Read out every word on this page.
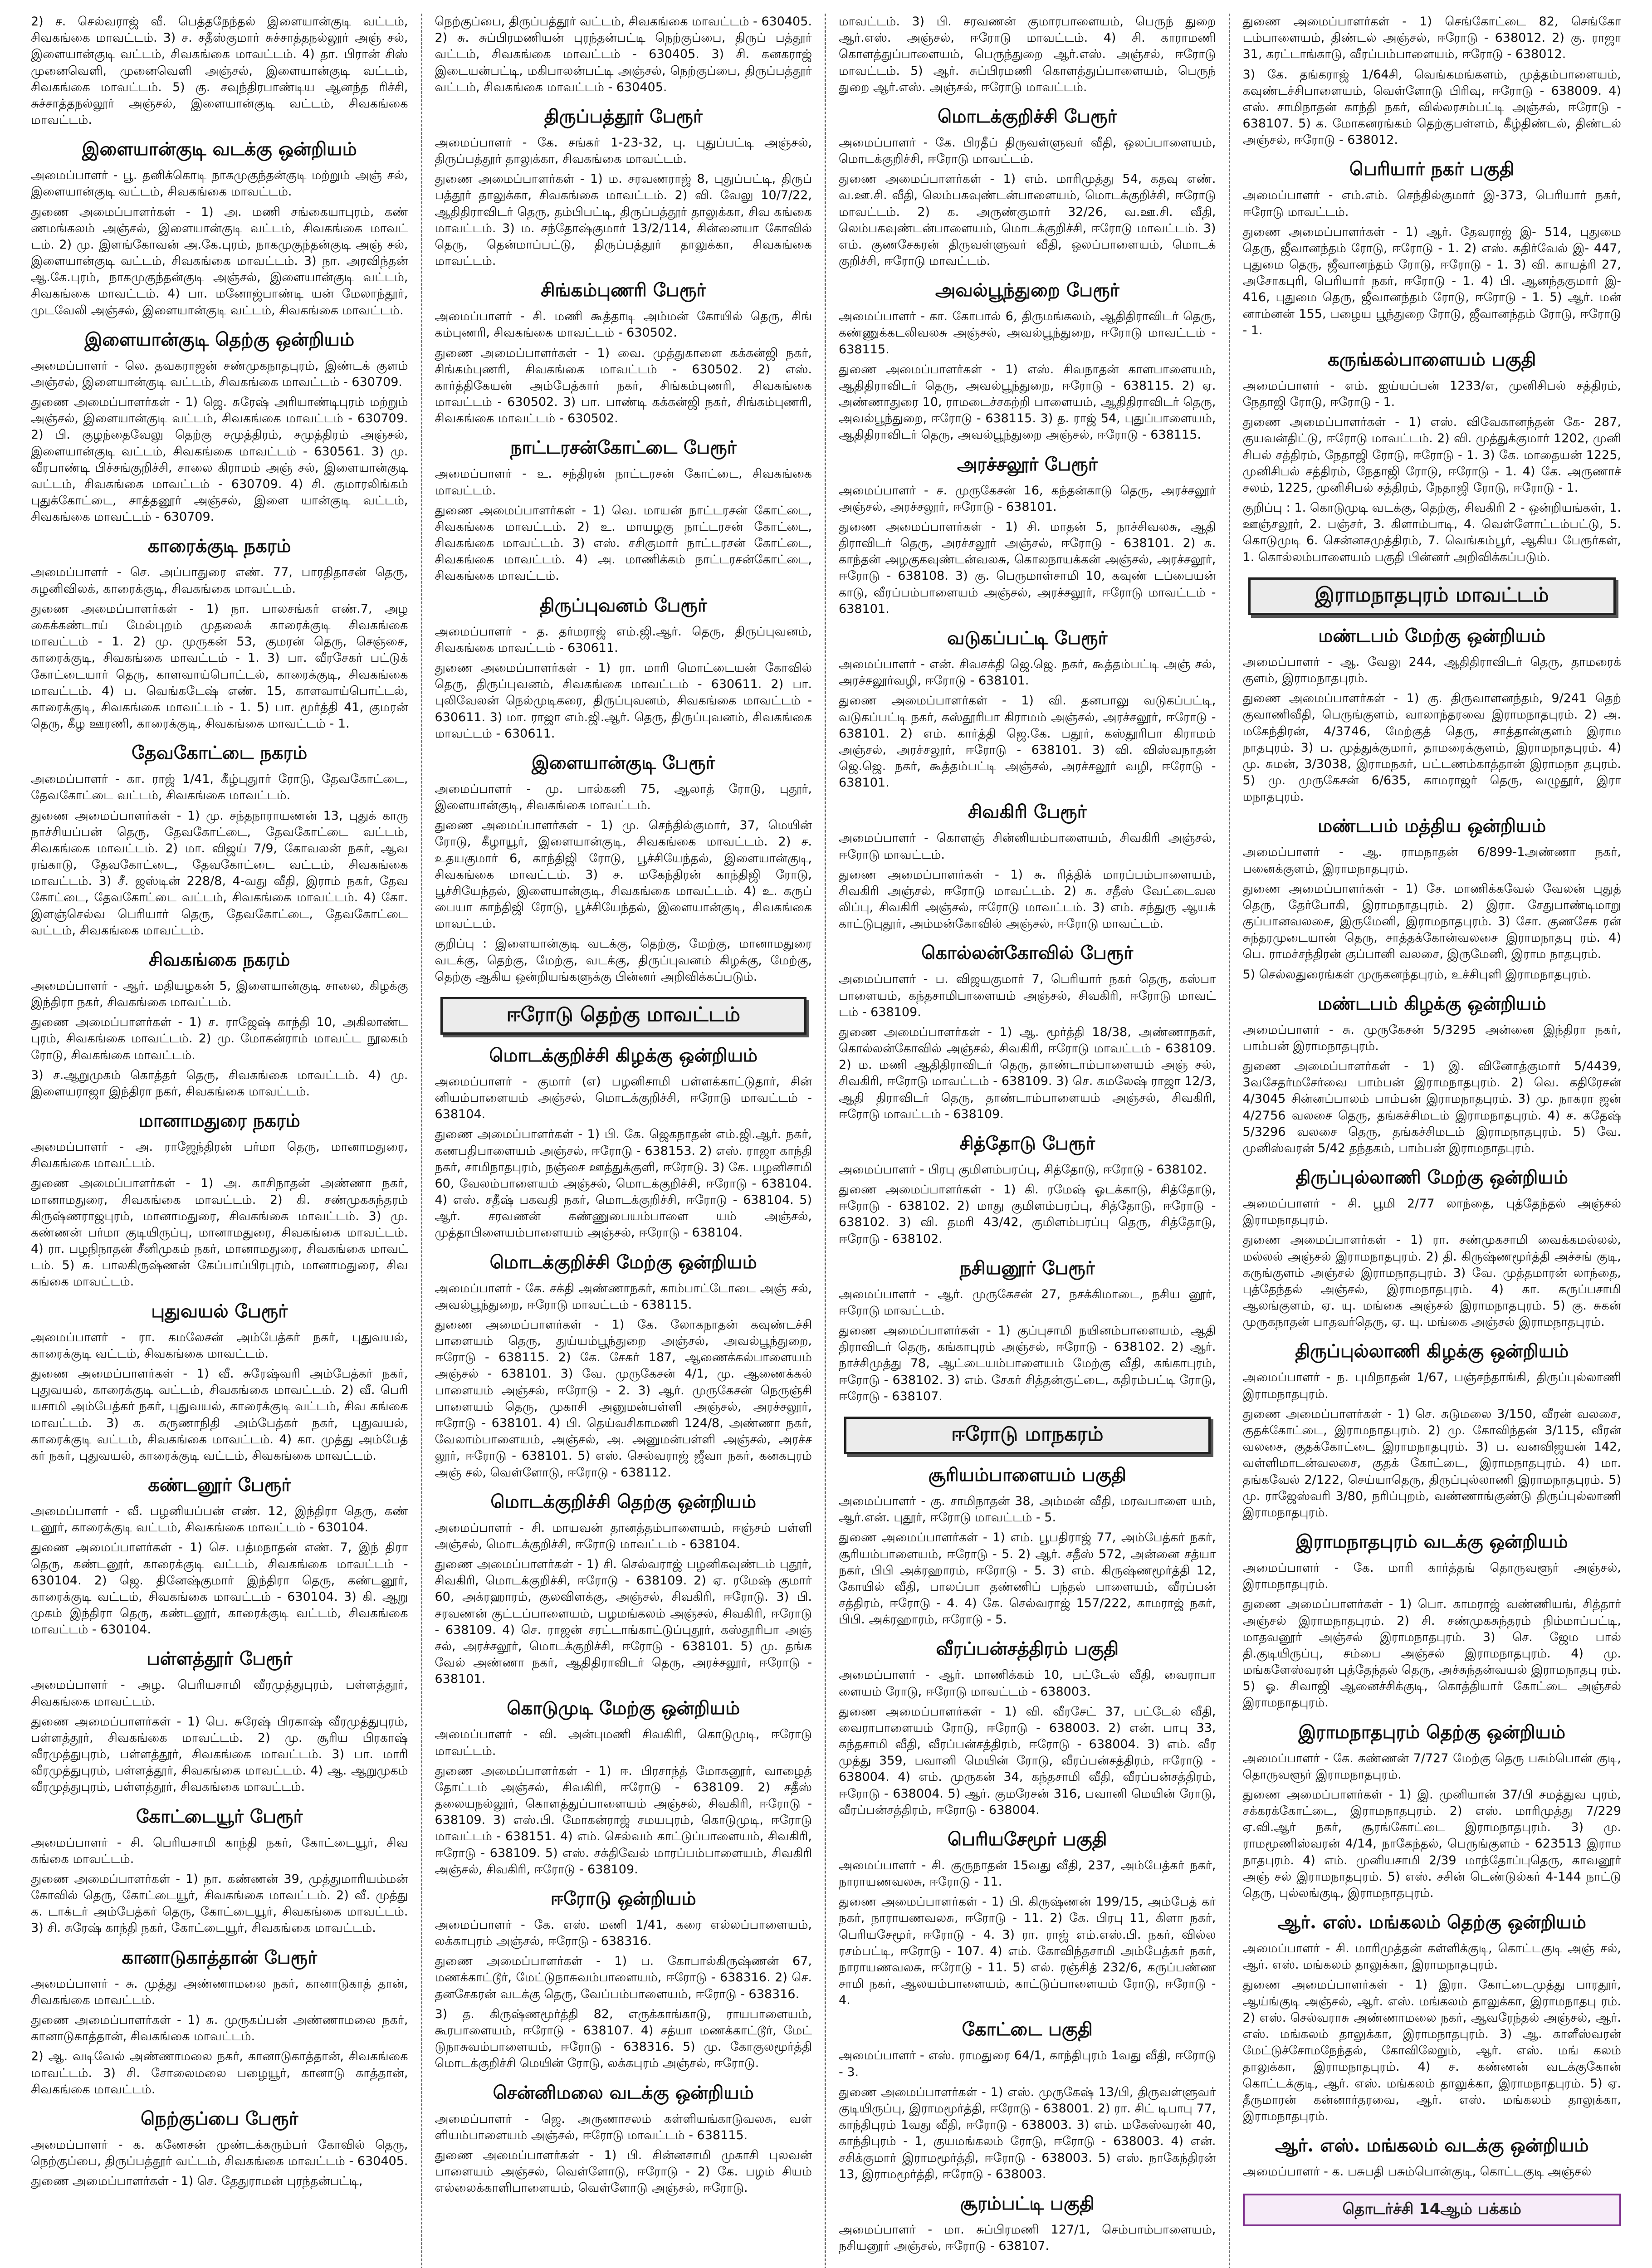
2) ச. செல்வராஜ் வீ. பெத்தநேந்தல் இளையான்குடி வட்டம், சிவகங்கை மாவட்டம். 3) ச. சதீஸ்குமார் சுச்சாத்தநல்லூர் அஞ் சல், இளையான்குடி வட்டம், சிவகங்கை மாவட்டம். 4) தா. பிரான் சிஸ் முனைவெளி, முனைவெளி அஞ்சல், இளையான்குடி வட்டம், சிவகங்கை மாவட்டம். 5) கு. சவுந்திரபாண்டிய ஆனந்த ரிச்சி, சுச்சாத்தநல்லூர் அஞ்சல், இளையான்குடி வட்டம், சிவகங்கை மாவட்டம்.
இளையான்குடி வடக்கு ஒன்றியம்
அமைப்பாளர் - பூ. தனிக்கொடி நாகமுகுந்தன்குடி மற்றும் அஞ் சல், இளையான்குடி வட்டம், சிவகங்கை மாவட்டம்.
துணை அமைப்பாளர்கள் - 1) அ. மணி சங்கையாபுரம், கண் ணமங்கலம் அஞ்சல், இளையான்குடி வட்டம், சிவகங்கை மாவட் டம். 2) மு. இளங்கோவன் அ.கே.புரம், நாகமுகுந்தன்குடி அஞ் சல், இளையான்குடி வட்டம், சிவகங்கை மாவட்டம். 3) நா. அரவிந்தன் ஆ.கே.புரம், நாகமுகுந்தன்குடி அஞ்சல், இளையான்குடி வட்டம், சிவகங்கை மாவட்டம். 4) பா. மனோஜ்பாண்டி யன் மேலாந்தூர், முடவேலி அஞ்சல், இளையான்குடி வட்டம், சிவகங்கை மாவட்டம்.
இளையான்குடி தெற்கு ஒன்றியம்
அமைப்பாளர் - லெ. தவகராஜன் சண்முகநாதபுரம், இண்டக் குளம் அஞ்சல், இளையான்குடி வட்டம், சிவகங்கை மாவட்டம் - 630709.
துணை அமைப்பாளர்கள் - 1) ஜெ. சுரேஷ் அரியாண்டிபுரம் மற்றும் அஞ்சல், இளையான்குடி வட்டம், சிவகங்கை மாவட்டம் - 630709. 2) பி. குழந்தைவேலு தெற்கு சமுத்திரம், சமுத்திரம் அஞ்சல், இளையான்குடி வட்டம், சிவகங்கை மாவட்டம் - 630561. 3) மு. வீரபாண்டி பிச்சங்குறிச்சி, சாலை கிராமம் அஞ் சல், இளையான்குடி வட்டம், சிவகங்கை மாவட்டம் - 630709. 4) சி. குமாரலிங்கம் புதுக்கோட்டை, சாத்தனூர் அஞ்சல், இளை யான்குடி வட்டம், சிவகங்கை மாவட்டம் - 630709.
காரைக்குடி நகரம்
அமைப்பாளர் - செ. அப்பாதுரை எண். 77, பாரதிதாசன் தெரு, சுழனிவிலக், காரைக்குடி, சிவகங்கை மாவட்டம்.
துணை அமைப்பாளர்கள் - 1) நா. பாலசங்கர் எண்.7, அழ கைக்கண்டாய் மேல்புறம் முதலைக் காரைக்குடி சிவகங்கை மாவட்டம் - 1. 2) மு. முருகன் 53, குமரன் தெரு, செஞ்சை, காரைக்குடி, சிவகங்கை மாவட்டம் - 1. 3) பா. வீரசேகர் பட்டுக் கோட்டையார் தெரு, காளவாய்பொட்டல், காரைக்குடி, சிவகங்கை மாவட்டம். 4) ப. வெங்கடேஷ் எண். 15, காளவாய்பொட்டல், காரைக்குடி, சிவகங்கை மாவட்டம் - 1. 5) பா. மூர்த்தி 41, குமரன் தெரு, கீழ ஊரணி, காரைக்குடி, சிவகங்கை மாவட்டம் - 1.
தேவகோட்டை நகரம்
அமைப்பாளர் - கா. ராஜ் 1/41, கீழ்புதுார் ரோடு, தேவகோட்டை, தேவகோட்டை வட்டம், சிவகங்கை மாவட்டம்.
துணை அமைப்பாளர்கள் - 1) மு. சந்தநாராயணன் 13, புதுக் காரு நாச்சியப்பன் தெரு, தேவகோட்டை, தேவகோட்டை வட்டம், சிவகங்கை மாவட்டம். 2) மா. விஜய் 7/9, கோவலன் நகர், ஆவ ரங்காடு, தேவகோட்டை, தேவகோட்டை வட்டம், சிவகங்கை மாவட்டம். 3) சீ. ஜஸ்டின் 228/8, 4-வது வீதி, இராம் நகர், தேவ கோட்டை, தேவகோட்டை வட்டம், சிவகங்கை மாவட்டம். 4) கோ. இளஞ்செல்வ பெரியார் தெரு, தேவகோட்டை, தேவகோட்டை வட்டம், சிவகங்கை மாவட்டம்.
சிவகங்கை நகரம்
அமைப்பாளர் - ஆர். மதியழகன் 5, இளையான்குடி சாலை, கிழக்கு இந்திரா நகர், சிவகங்கை மாவட்டம்.
துணை அமைப்பாளர்கள் - 1) ச. ராஜேஷ் காந்தி 10, அகிலாண்ட புரம், சிவகங்கை மாவட்டம். 2) மு. மோகன்ராம் மாவட்ட நூலகம் ரோடு, சிவகங்கை மாவட்டம்.
3) ச.ஆறுமுகம் கொத்தர் தெரு, சிவகங்கை மாவட்டம். 4) மு. இளையராஜா இந்திரா நகர், சிவகங்கை மாவட்டம்.
மானாமதுரை நகரம்
அமைப்பாளர் - அ. ராஜேந்திரன் பர்மா தெரு, மானாமதுரை, சிவகங்கை மாவட்டம்.
துணை அமைப்பாளர்கள் - 1) அ. காசிநாதன் அண்ணா நகர், மானாமதுரை, சிவகங்கை மாவட்டம். 2) கி. சண்முகசுந்தரம் கிருஷ்ணராஜபுரம், மானாமதுரை, சிவகங்கை மாவட்டம். 3) மு. கண்ணன் பர்மா குடியிருப்பு, மானாமதுரை, சிவகங்கை மாவட்டம். 4) ரா. பழநிநாதன் சீனிமுகம் நகர், மானாமதுரை, சிவகங்கை மாவட் டம். 5) சு. பாலகிருஷ்ணன் கேப்பாப்பிரபுரம், மானாமதுரை, சிவ கங்கை மாவட்டம்.
புதுவயல் பேரூர்
அமைப்பாளர் - ரா. கமலேசன் அம்பேத்கர் நகர், புதுவயல், காரைக்குடி வட்டம், சிவகங்கை மாவட்டம்.
துணை அமைப்பாளர்கள் - 1) வீ. சுரேஷ்வரி அம்பேத்கர் நகர், புதுவயல், காரைக்குடி வட்டம், சிவகங்கை மாவட்டம். 2) வீ. பெரி யசாமி அம்பேத்கர் நகர், புதுவயல், காரைக்குடி வட்டம், சிவ கங்கை மாவட்டம். 3) க. கருணாநிதி அம்பேத்கர் நகர், புதுவயல், காரைக்குடி வட்டம், சிவகங்கை மாவட்டம். 4) கா. முத்து அம்பேத் கர் நகர், புதுவயல், காரைக்குடி வட்டம், சிவகங்கை மாவட்டம்.
கண்டனூர் பேரூர்
அமைப்பாளர் - வீ. பழனியப்பன் எண். 12, இந்திரா தெரு, கண் டனூர், காரைக்குடி வட்டம், சிவகங்கை மாவட்டம் - 630104.
துணை அமைப்பாளர்கள் - 1) செ. பத்மநாதன் எண். 7, இந் திரா தெரு, கண்டனூர், காரைக்குடி வட்டம், சிவகங்கை மாவட்டம் - 630104. 2) ஜெ. தினேஷ்குமார் இந்திரா தெரு, கண்டனூர், காரைக்குடி வட்டம், சிவகங்கை மாவட்டம் - 630104. 3) கி. ஆறு முகம் இந்திரா தெரு, கண்டனூர், காரைக்குடி வட்டம், சிவகங்கை மாவட்டம் - 630104.
பள்ளத்தூர் பேரூர்
அமைப்பாளர் - அழ. பெரியசாமி வீரமுத்துபுரம், பள்ளத்தூர், சிவகங்கை மாவட்டம்.
துணை அமைப்பாளர்கள் - 1) பெ. சுரேஷ் பிரகாஷ் வீரமுத்துபுரம், பள்ளத்தூர், சிவகங்கை மாவட்டம். 2) மு. சூரிய பிரகாஷ் வீரமுத்துபுரம், பள்ளத்தூர், சிவகங்கை மாவட்டம். 3) பா. மாரி வீரமுத்துபுரம், பள்ளத்தூர், சிவகங்கை மாவட்டம். 4) ஆ. ஆறுமுகம் வீரமுத்துபுரம், பள்ளத்தூர், சிவகங்கை மாவட்டம்.
கோட்டையூர் பேரூர்
அமைப்பாளர் - சி. பெரியசாமி காந்தி நகர், கோட்டையூர், சிவ கங்கை மாவட்டம்.
துணை அமைப்பாளர்கள் - 1) நா. கண்ணன் 39, முத்துமாரியம்மன் கோவில் தெரு, கோட்டையூர், சிவகங்கை மாவட்டம். 2) வீ. முத்து க. டாக்டர் அம்பேத்கர் தெரு, கோட்டையூர், சிவகங்கை மாவட்டம். 3) சி. சுரேஷ் காந்தி நகர், கோட்டையூர், சிவகங்கை மாவட்டம்.
கானாடுகாத்தான் பேரூர்
அமைப்பாளர் - சு. முத்து அண்ணாமலை நகர், கானாடுகாத் தான், சிவகங்கை மாவட்டம்.
துணை அமைப்பாளர்கள் - 1) சு. முருகப்பன் அண்ணாமலை நகர், கானாடுகாத்தான், சிவகங்கை மாவட்டம்.
2) ஆ. வடிவேல் அண்ணாமலை நகர், கானாடுகாத்தான், சிவகங்கை மாவட்டம். 3) சி. சோலைமலை பழையூர், கானாடு காத்தான், சிவகங்கை மாவட்டம்.
நெற்குப்பை பேரூர்
அமைப்பாளர் - க. கணேசன் முண்டக்கரும்பர் கோவில் தெரு, நெற்குப்பை, திருப்பத்தூர் வட்டம், சிவகங்கை மாவட்டம் - 630405.
துணை அமைப்பாளர்கள் - 1) செ. தேதுராமன் புரந்தன்பட்டி,
நெற்குப்பை, திருப்பத்தூர் வட்டம், சிவகங்கை மாவட்டம் - 630405. 2) சு. சுப்பிரமணியன் புரந்தன்பட்டி நெற்குப்பை, திருப் பத்தூர் வட்டம், சிவகங்கை மாவட்டம் - 630405. 3) சி. கனகராஜ் இடையன்பட்டி, மகிபாலன்பட்டி அஞ்சல், நெற்குப்பை, திருப்பத்தூர் வட்டம், சிவகங்கை மாவட்டம் - 630405.
திருப்பத்தூர் பேரூர்
அமைப்பாளர் - கே. சங்கர் 1-23-32, பு. புதுப்பட்டி அஞ்சல், திருப்பத்தூர் தாலுக்கா, சிவகங்கை மாவட்டம்.
துணை அமைப்பாளர்கள் - 1) ம. சரவணராஜ் 8, புதுப்பட்டி, திருப் பத்தூர் தாலுக்கா, சிவகங்கை மாவட்டம். 2) வி. வேலு 10/7/22, ஆதிதிராவிடர் தெரு, தம்பிபட்டி, திருப்பத்தூர் தாலுக்கா, சிவ கங்கை மாவட்டம். 3) ம. சந்தோஷ்குமார் 13/2/114, சின்னையா கோவில் தெரு, தென்மாப்பட்டு, திருப்பத்தூர் தாலுக்கா, சிவகங்கை மாவட்டம்.
சிங்கம்புணரி பேரூர்
அமைப்பாளர் - சி. மணி கூத்தாடி அம்மன் கோயில் தெரு, சிங் கம்புணரி, சிவகங்கை மாவட்டம் - 630502.
துணை அமைப்பாளர்கள் - 1) வை. முத்துகாளை கக்கன்ஜி நகர், சிங்கம்புணரி, சிவகங்கை மாவட்டம் - 630502. 2) எஸ். கார்த்திகேயன் அம்பேத்கார் நகர், சிங்கம்புணரி, சிவகங்கை மாவட்டம் - 630502. 3) பா. பாண்டி கக்கன்ஜி நகர், சிங்கம்புணரி, சிவகங்கை மாவட்டம் - 630502.
நாட்டரசன்கோட்டை பேரூர்
அமைப்பாளர் - உ. சந்திரன் நாட்டரசன் கோட்டை, சிவகங்கை மாவட்டம்.
துணை அமைப்பாளர்கள் - 1) வெ. மாயன் நாட்டரசன் கோட்டை, சிவகங்கை மாவட்டம். 2) உ. மாயழகு நாட்டரசன் கோட்டை, சிவகங்கை மாவட்டம். 3) எஸ். சசிகுமார் நாட்டரசன் கோட்டை, சிவகங்கை மாவட்டம். 4) அ. மாணிக்கம் நாட்டரசன்கோட்டை, சிவகங்கை மாவட்டம்.
திருப்புவனம் பேரூர்
அமைப்பாளர் - த. தர்மராஜ் எம்.ஜி.ஆர். தெரு, திருப்புவனம், சிவகங்கை மாவட்டம் - 630611.
துணை அமைப்பாளர்கள் - 1) ரா. மாரி மொட்டையன் கோவில் தெரு, திருப்புவனம், சிவகங்கை மாவட்டம் - 630611. 2) பா. புலிவேலன் நெல்முடிகரை, திருப்புவனம், சிவகங்கை மாவட்டம் - 630611. 3) மா. ராஜா எம்.ஜி.ஆர். தெரு, திருப்புவனம், சிவகங்கை மாவட்டம் - 630611.
இளையான்குடி பேரூர்
அமைப்பாளர் - மு. பால்கனி 75, ஆலாத் ரோடு, புதூர், இளையான்குடி, சிவகங்கை மாவட்டம்.
துணை அமைப்பாளர்கள் - 1) மு. செந்தில்குமார், 37, மெயின் ரோடு, கீழாயூர், இளையான்குடி, சிவகங்கை மாவட்டம். 2) ச. உதயகுமார் 6, காந்திஜி ரோடு, பூச்சியேந்தல், இளையான்குடி, சிவகங்கை மாவட்டம். 3) ச. மகேந்திரன் காந்திஜி ரோடு, பூச்சியேந்தல், இளையான்குடி, சிவகங்கை மாவட்டம். 4) உ. கருப் பையா காந்திஜி ரோடு, பூச்சியேந்தல், இளையான்குடி, சிவகங்கை மாவட்டம்.
குறிப்பு : இளையான்குடி வடக்கு, தெற்கு, மேற்கு, மானாமதுரை வடக்கு, தெற்கு, மேற்கு, வடக்கு, திருப்புவனம் கிழக்கு, மேற்கு, தெற்கு ஆகிய ஒன்றியங்களுக்கு பின்னர் அறிவிக்கப்படும்.
ஈரோடு தெற்கு மாவட்டம்
மொடக்குறிச்சி கிழக்கு ஒன்றியம்
அமைப்பாளர் - குமார் (எ) பழனிசாமி பள்ளக்காட்டுதார், சின் னியம்பாளையம் அஞ்சல், மொடக்குறிச்சி, ஈரோடு மாவட்டம் - 638104.
துணை அமைப்பாளர்கள் - 1) பி. கே. ஜெகநாதன் எம்.ஜி.ஆர். நகர், கணபதிபாளையம் அஞ்சல், ஈரோடு - 638153. 2) எஸ். ராஜா காந்தி நகர், சாமிநாதபுரம், நஞ்சை ஊத்துக்குளி, ஈரோடு. 3) கே. பழனிசாமி 60, வேலம்பாளையம் அஞ்சல், மொடக்குறிச்சி, ஈரோடு - 638104. 4) எஸ். சதீஷ் பகவதி நகர், மொடக்குறிச்சி, ஈரோடு - 638104. 5) ஆர். சரவணன் கண்ணுபையம்பாளை யம் அஞ்சல், முத்தாபிளையம்பாளையம் அஞ்சல், ஈரோடு - 638104.
மொடக்குறிச்சி மேற்கு ஒன்றியம்
அமைப்பாளர் - கே. சக்தி அண்ணாநகர், காம்பாட்டோடை அஞ் சல், அவல்பூந்துறை, ஈரோடு மாவட்டம் - 638115.
துணை அமைப்பாளர்கள் - 1) கே. லோகநாதன் கவுண்டச்சி பாளையம் தெரு, துய்யம்பூந்துறை அஞ்சல், அவல்பூந்துறை, ஈரோடு - 638115. 2) கே. சேகர் 187, ஆணைக்கல்பாளையம் அஞ்சல் - 638101. 3) வே. முருகேசன் 4/1, மு. ஆணைக்கல் பாளையம் அஞ்சல், ஈரோடு - 2. 3) ஆர். முருகேசன் நெருஞ்சி பாளையம் தெரு, முகாசி அனுமன்பள்ளி அஞ்சல், அரச்சலூர், ஈரோடு - 638101. 4) பி. தெய்வசிகாமணி 124/8, அண்ணா நகர், வேலாம்பாளையம், அஞ்சல், அ. அனுமன்பள்ளி அஞ்சல், அரச்ச லூர், ஈரோடு - 638101. 5) எஸ். செல்வராஜ் ஜீவா நகர், கனகபுரம் அஞ் சல், வெள்ளோடு, ஈரோடு - 638112.
மொடக்குறிச்சி தெற்கு ஒன்றியம்
அமைப்பாளர் - சி. மாயவன் தானத்தம்பாளையம், ஈஞ்சம் பள்ளி அஞ்சல், மொடக்குறிச்சி, ஈரோடு மாவட்டம் - 638104.
துணை அமைப்பாளர்கள் - 1) சி. செல்வராஜ் பழனிகவுண்டம் புதூர், சிவகிரி, மொடக்குறிச்சி, ஈரோடு - 638109. 2) ஏ. ரமேஷ் குமார் 60, அக்ரஹாரம், குலவிளக்கு, அஞ்சல், சிவகிரி, ஈரோடு. 3) பி. சரவணன் குட்டப்பாளையம், பழமங்கலம் அஞ்சல், சிவகிரி, ஈரோடு - 638109. 4) செ. ராஜன் சரட்டாங்காட்டுப்புதூர், கஸ்தூரிபா அஞ் சல், அரச்சலூர், மொடக்குறிச்சி, ஈரோடு - 638101. 5) மு. தங்க வேல் அண்ணா நகர், ஆதிதிராவிடர் தெரு, அரச்சலூர், ஈரோடு - 638101.
கொடுமுடி மேற்கு ஒன்றியம்
அமைப்பாளர் - வி. அன்புமணி சிவகிரி, கொடுமுடி, ஈரோடு மாவட்டம்.
துணை அமைப்பாளர்கள் - 1) ஈ. பிரசாந்த் மோகனூர், வாழைத் தோட்டம் அஞ்சல், சிவகிரி, ஈரோடு - 638109. 2) சதீஸ் தலையநல்லூர், கொளத்துப்பாளையம் அஞ்சல், சிவகிரி, ஈரோடு - 638109. 3) எஸ்.பி. மோகன்ராஜ் சமயபுரம், கொடுமுடி, ஈரோடு மாவட்டம் - 638151. 4) எம். செல்வம் காட்டுப்பாளையம், சிவகிரி, ஈரோடு - 638109. 5) எஸ். சக்திவேல் மாரப்பம்பாளையம், சிவகிரி அஞ்சல், சிவகிரி, ஈரோடு - 638109.
ஈரோடு ஒன்றியம்
அமைப்பாளர் - கே. எஸ். மணி 1/41, கரை எல்லப்பாளையம், லக்காபுரம் அஞ்சல், ஈரோடு - 638316.
துணை அமைப்பாளர்கள் - 1) ப. கோபால்கிருஷ்ணன் 67, மணக்காட்டூர், மேட்டுநாசுவம்பாளையம், ஈரோடு - 638316. 2) செ. தனசேகரன் வடக்கு தெரு, வேப்பம்பாளையம், ஈரோடு - 638316.
3) த. கிருஷ்ணமூர்த்தி 82, எருக்காங்காடு, ராயபாளையம், கூரபாளையம், ஈரோடு - 638107. 4) சத்யா மணக்காட்டூர், மேட் டுநாசுவம்பாளையம், ஈரோடு - 638316. 5) மு. கோகுலமூர்த்தி மொடக்குறிச்சி மெயின் ரோடு, லக்கபுரம் அஞ்சல், ஈரோடு.
சென்னிமலை வடக்கு ஒன்றியம்
அமைப்பாளர் - ஜெ. அருணாசலம் கள்ளியங்காடுவலசு, வள் ளியம்பாளையம் அஞ்சல், ஈரோடு மாவட்டம் - 638115.
துணை அமைப்பாளர்கள் - 1) பி. சின்னசாமி முகாசி புலவன் பாளையம் அஞ்சல், வெள்ளோடு, ஈரோடு - 2) கே. பழம் சியம் எல்லைக்காளிபாளையம், வெள்ளோடு அஞ்சல், ஈரோடு.
மாவட்டம். 3) பி. சரவணன் குமாரபாளையம், பெருந் துறை ஆர்.எஸ். அஞ்சல், ஈரோடு மாவட்டம். 4) சி. காராமணி கொளத்துப்பாளையம், பெருந்துறை ஆர்.எஸ். அஞ்சல், ஈரோடு மாவட்டம். 5) ஆர். சுப்பிரமணி கொளத்துப்பாளையம், பெருந் துறை ஆர்.எஸ். அஞ்சல், ஈரோடு மாவட்டம்.
மொடக்குறிச்சி பேரூர்
அமைப்பாளர் - கே. பிரதீப் திருவள்ளுவர் வீதி, ஒலப்பாளையம், மொடக்குறிச்சி, ஈரோடு மாவட்டம்.
துணை அமைப்பாளர்கள் - 1) எம். மாரிமுத்து 54, கதவு எண். வ.ஊ.சி. வீதி, லெம்பகவுண்டன்பாளையம், மொடக்குறிச்சி, ஈரோடு மாவட்டம். 2) க. அருண்குமார் 32/26, வ.ஊ.சி. வீதி, லெம்பகவுண்டன்பாளையம், மொடக்குறிச்சி, ஈரோடு மாவட்டம். 3) எம். குணசேகரன் திருவள்ளுவர் வீதி, ஒலப்பாளையம், மொடக் குறிச்சி, ஈரோடு மாவட்டம்.
அவல்பூந்துறை பேரூர்
அமைப்பாளர் - கா. கோபால் 6, திருமங்கலம், ஆதிதிராவிடர் தெரு, கண்ணுக்கடலிவலசு அஞ்சல், அவல்பூந்துறை, ஈரோடு மாவட்டம் - 638115.
துணை அமைப்பாளர்கள் - 1) எஸ். சிவநாதன் காளபாளையம், ஆதிதிராவிடர் தெரு, அவல்பூந்துறை, ஈரோடு - 638115. 2) ஏ. அண்ணாதுரை 10, ராமடைச்சகற்றி பாளையம், ஆதிதிராவிடர் தெரு, அவல்பூந்துறை, ஈரோடு - 638115. 3) த. ராஜ் 54, புதுப்பாளையம், ஆதிதிராவிடர் தெரு, அவல்பூந்துறை அஞ்சல், ஈரோடு - 638115.
அரச்சலூர் பேரூர்
அமைப்பாளர் - ச. முருகேசன் 16, கந்தன்காடு தெரு, அரச்சலூர் அஞ்சல், அரச்சலூர், ஈரோடு - 638101.
துணை அமைப்பாளர்கள் - 1) சி. மாதன் 5, நாச்சிவலசு, ஆதி திராவிடர் தெரு, அரச்சலூர் அஞ்சல், ஈரோடு - 638101. 2) சு. காந்தன் அழகுகவுண்டன்வலசு, கொலநாயக்கன் அஞ்சல், அரச்சலூர், ஈரோடு - 638108. 3) கு. பெருமாள்சாமி 10, கவுண் டப்பையன் காடு, வீரப்பம்பாளையம் அஞ்சல், அரச்சலூர், ஈரோடு மாவட்டம் - 638101.
வடுகப்பட்டி பேரூர்
அமைப்பாளர் - என். சிவசக்தி ஜெ.ஜெ. நகர், கூத்தம்பட்டி அஞ் சல், அரச்சலூர்வழி, ஈரோடு - 638101.
துணை அமைப்பாளர்கள் - 1) வி. தனபாலு வடுகப்பட்டி, வடுகப்பட்டி நகர், கஸ்தூரிபா கிராமம் அஞ்சல், அரச்சலூர், ஈரோடு - 638101. 2) எம். கார்த்தி ஜெ.கே. பதூர், கஸ்தூரிபா கிராமம் அஞ்சல், அரச்சலூர், ஈரோடு - 638101. 3) வி. விஸ்வநாதன் ஜெ.ஜெ. நகர், கூத்தம்பட்டி அஞ்சல், அரச்சலூர் வழி, ஈரோடு - 638101.
சிவகிரி பேரூர்
அமைப்பாளர் - கொளஞ் சின்னியம்பாளையம், சிவகிரி அஞ்சல், ஈரோடு மாவட்டம்.
துணை அமைப்பாளர்கள் - 1) சு. ரித்திக் மாரப்பம்பாளையம், சிவகிரி அஞ்சல், ஈரோடு மாவட்டம். 2) சு. சதீஸ் வேட்டைவல லிப்பு, சிவகிரி அஞ்சல், ஈரோடு மாவட்டம். 3) எம். சந்துரு ஆயக் காட்டுபுதூர், அம்மன்கோவில் அஞ்சல், ஈரோடு மாவட்டம்.
கொல்லன்கோவில் பேரூர்
அமைப்பாளர் - ப. விஜயகுமார் 7, பெரியார் நகர் தெரு, கஸ்பா பாளையம், கந்தசாமிபாளையம் அஞ்சல், சிவகிரி, ஈரோடு மாவட் டம் - 638109.
துணை அமைப்பாளர்கள் - 1) ஆ. மூர்த்தி 18/38, அண்ணாநகர், கொல்லன்கோவில் அஞ்சல், சிவகிரி, ஈரோடு மாவட்டம் - 638109. 2) ம. மணி ஆதிதிராவிடர் தெரு, தாண்டாம்பாளையம் அஞ் சல், சிவகிரி, ஈரோடு மாவட்டம் - 638109. 3) செ. கமலேஷ் ராஜா 12/3, ஆதி திராவிடர் தெரு, தாண்டாம்பாளையம் அஞ்சல், சிவகிரி, ஈரோடு மாவட்டம் - 638109.
சித்தோடு பேரூர்
அமைப்பாளர் - பிரபு குமிளம்பரப்பு, சித்தோடு, ஈரோடு - 638102.
துணை அமைப்பாளர்கள் - 1) கி. ரமேஷ் ஓடக்காடு, சித்தோடு, ஈரோடு - 638102. 2) மாது குமிளம்பரப்பு, சித்தோடு, ஈரோடு - 638102. 3) வி. தமரி 43/42, குமிளம்பரப்பு தெரு, சித்தோடு, ஈரோடு - 638102.
நசியனூர் பேரூர்
அமைப்பாளர் - ஆர். முருகேசன் 27, நசக்கிமாடை, நசிய னூர், ஈரோடு மாவட்டம்.
துணை அமைப்பாளர்கள் - 1) குப்புசாமி நயினம்பாளையம், ஆதி திராவிடர் தெரு, கங்காபுரம் அஞ்சல், ஈரோடு - 638102. 2) ஆர். நாச்சிமுத்து 78, ஆட்டையம்பாளையம் மேற்கு வீதி, கங்காபுரம், ஈரோடு - 638102. 3) எம். சேகர் சித்தன்குட்டை, கதிரம்பட்டி ரோடு, ஈரோடு - 638107.
ஈரோடு மாநகரம்
சூரியம்பாளையம் பகுதி
அமைப்பாளர் - கு. சாமிநாதன் 38, அம்மன் வீதி, மரவபாளை யம், ஆர்.என். புதூர், ஈரோடு மாவட்டம் - 5.
துணை அமைப்பாளர்கள் - 1) எம். பூபதிராஜ் 77, அம்பேத்கர் நகர், சூரியம்பாளையம், ஈரோடு - 5. 2) ஆர். சதீஸ் 572, அன்னை சத்யா நகர், பிபி அக்ரஹாரம், ஈரோடு - 5. 3) எம். கிருஷ்ணமூர்த்தி 12, கோயில் வீதி, பாலப்பா தண்ணிப் பந்தல் பாளையம், வீரப்பன் சத்திரம், ஈரோடு - 4. 4) கே. செல்வராஜ் 157/222, காமராஜ் நகர், பிபி. அக்ரஹாரம், ஈரோடு - 5.
வீரப்பன்சத்திரம் பகுதி
அமைப்பாளர் - ஆர். மாணிக்கம் 10, பட்டேல் வீதி, வைராபா ளையம் ரோடு, ஈரோடு மாவட்டம் - 638003.
துணை அமைப்பாளர்கள் - 1) வி. வீரசேட் 37, பட்டேல் வீதி, வைராபாளையம் ரோடு, ஈரோடு - 638003. 2) என். பாபு 33, கந்தசாமி வீதி, வீரப்பன்சத்திரம், ஈரோடு - 638004. 3) எம். வீர முத்து 359, பவானி மெயின் ரோடு, வீரப்பன்சத்திரம், ஈரோடு - 638004. 4) எம். முருகன் 34, கந்தசாமி வீதி, வீரப்பன்சத்திரம், ஈரோடு - 638004. 5) ஆர். குமரேசன் 316, பவானி மெயின் ரோடு, வீரப்பன்சத்திரம், ஈரோடு - 638004.
பெரியசேமூர் பகுதி
அமைப்பாளர் - சி. குருநாதன் 15வது வீதி, 237, அம்பேத்கர் நகர், நாராயணவலசு, ஈரோடு - 11.
துணை அமைப்பாளர்கள் - 1) பி. கிருஷ்ணன் 199/15, அம்பேத் கர் நகர், நாராயணவலசு, ஈரோடு - 11. 2) கே. பிரபு 11, கிளா நகர், பெரியசேமூர், ஈரோடு - 4. 3) ரா. ராஜ் எம்.எஸ்.பி. நகர், வில்ல ரசம்பட்டி, ஈரோடு - 107. 4) எம். கோவிந்தசாமி அம்பேத்கர் நகர், நாராயணவலசு, ஈரோடு - 11. 5) எல். ரஞ்சித் 232/6, கருப்பண்ண சாமி நகர், ஆலயம்பாளையம், காட்டுப்பாளையம் ரோடு, ஈரோடு - 4.
கோட்டை பகுதி
அமைப்பாளர் - எஸ். ராமதுரை 64/1, காந்திபுரம் 1வது வீதி, ஈரோடு - 3.
துணை அமைப்பாளர்கள் - 1) எஸ். முருகேஷ் 13/பி, திருவள்ளுவர் குடியிருப்பு, இராமமூர்த்தி, ஈரோடு - 638001. 2) ரா. சிட் டிபாபு 77, காந்திபுரம் 1வது வீதி, ஈரோடு - 638003. 3) எம். மகேஸ்வரன் 40, காந்திபுரம் - 1, குயமங்கலம் ரோடு, ஈரோடு - 638003. 4) என். சசிக்குமார் இராமமூர்த்தி, ஈரோடு - 638003. 5) எஸ். நாகேந்திரன் 13, இராமமூர்த்தி, ஈரோடு - 638003.
சூரம்பட்டி பகுதி
அமைப்பாளர் - மா. சுப்பிரமணி 127/1, செம்பாம்பாளையம், நசியனூர் அஞ்சல், ஈரோடு - 638107.
துணை அமைப்பாளர்கள் - 1) செங்கோட்டை 82, செங்கோ டம்பாளையம், திண்டல் அஞ்சல், ஈரோடு - 638012. 2) கு. ராஜா 31, கரட்டாங்காடு, வீரப்பம்பாளையம், ஈரோடு - 638012.
3) கே. தங்கராஜ் 1/64சி, வெங்கமங்களம், முத்தம்பாளையம், கவுண்டச்சிபாளையம், வெள்ளோடு பிரிவு, ஈரோடு - 638009. 4) எஸ். சாமிநாதன் காந்தி நகர், வில்லரசம்பட்டி அஞ்சல், ஈரோடு - 638107. 5) க. மோகனரங்கம் தெற்குபள்ளம், கீழ்திண்டல், திண்டல் அஞ்சல், ஈரோடு - 638012.
பெரியார் நகர் பகுதி
அமைப்பாளர் - எம்.எம். செந்தில்குமார் இ-373, பெரியார் நகர், ஈரோடு மாவட்டம்.
துணை அமைப்பாளர்கள் - 1) ஆர். தேவராஜ் இ- 514, புதுமை தெரு, ஜீவானந்தம் ரோடு, ஈரோடு - 1. 2) எஸ். கதிர்வேல் இ- 447, புதுமை தெரு, ஜீவானந்தம் ரோடு, ஈரோடு - 1. 3) வி. காயத்ரி 27, அசோகபுரி, பெரியார் நகர், ஈரோடு - 1. 4) பி. ஆனந்தகுமார் இ- 416, புதுமை தெரு, ஜீவானந்தம் ரோடு, ஈரோடு - 1. 5) ஆர். மன் னாம்னன் 155, பழைய பூந்துறை ரோடு, ஜீவானந்தம் ரோடு, ஈரோடு - 1.
கருங்கல்பாளையம் பகுதி
அமைப்பாளர் - எம். ஐய்யப்பன் 1233/எ, முனிசிபல் சத்திரம், நேதாஜி ரோடு, ஈரோடு - 1.
துணை அமைப்பாளர்கள் - 1) எஸ். விவேகானந்தன் கே- 287, குயவன்திட்டு, ஈரோடு மாவட்டம். 2) வி. முத்துக்குமார் 1202, முனி சிபல் சத்திரம், நேதாஜி ரோடு, ஈரோடு - 1. 3) கே. மாதையன் 1225, முனிசிபல் சத்திரம், நேதாஜி ரோடு, ஈரோடு - 1. 4) கே. அருணாச் சலம், 1225, முனிசிபல் சத்திரம், நேதாஜி ரோடு, ஈரோடு - 1.
குறிப்பு : 1. கொடுமுடி வடக்கு, தெற்கு, சிவகிரி 2 - ஒன்றியங்கள், 1. ஊஞ்சலூர், 2. பஞ்சர், 3. கிளாம்பாடி, 4. வெள்ளோட்டம்பட்டு, 5. கொடுமுடி 6. சென்னசமுத்திரம், 7. வெங்கம்பூர், ஆகிய பேரூர்கள், 1. கொல்லம்பாளையம் பகுதி பின்னர் அறிவிக்கப்படும்.
இராமநாதபுரம் மாவட்டம்
மண்டபம் மேற்கு ஒன்றியம்
அமைப்பாளர் - ஆ. வேலு 244, ஆதிதிராவிடர் தெரு, தாமரைக் குளம், இராமநாதபுரம்.
துணை அமைப்பாளர்கள் - 1) கு. திருவாளனந்தம், 9/241 தெற் குவாணிவீதி, பெருங்குளம், வாலாந்தரவை இராமநாதபுரம். 2) அ. மகேந்திரன், 4/3746, மேற்குத் தெரு, சாத்தான்குளம் இராம நாதபுரம். 3) ப. முத்துக்குமார், தாமரைக்குளம், இராமநாதபுரம். 4) மு. சுமன், 3/3038, இராமநகர், பட்டணம்காத்தான் இராமநா தபுரம். 5) மு. முருகேசன் 6/635, காமராஜர் தெரு, வழுதூர், இரா மநாதபுரம்.
மண்டபம் மத்திய ஒன்றியம்
அமைப்பாளர் - ஆ. ராமநாதன் 6/899-1அண்ணா நகர், பனைக்குளம், இராமநாதபுரம்.
துணை அமைப்பாளர்கள் - 1) சே. மாணிக்கவேல் வேலன் புதுத் தெரு, தேர்போகி, இராமநாதபுரம். 2) இரா. சேதுபாண்டிமாறு குப்பானவலசை, இருமேனி, இராமநாதபுரம். 3) சோ. குணசேக ரன் சுந்தரமுடையான் தெரு, சாத்தக்கோன்வலசை இராமநாதபு ரம். 4) பெ. ராமச்சந்திரன் குப்பானி வலசை, இருமேனி, இராம நாதபுரம்.
5) செல்லதுரைங்கள் முருகனந்தபுரம், உச்சிபுளி இராமநாதபுரம்.
மண்டபம் கிழக்கு ஒன்றியம்
அமைப்பாளர் - சு. முருகேசன் 5/3295 அன்னை இந்திரா நகர், பாம்பன் இராமநாதபுரம்.
துணை அமைப்பாளர்கள் - 1) இ. வினோத்குமார் 5/4439, 3வசேதர்மசேர்வை பாம்பன் இராமநாதபுரம். 2) வெ. கதிரேசன் 4/3045 சின்னப்பாலம் பாம்பன் இராமநாதபுரம். 3) மு. நாகரா ஜன் 4/2756 வலசை தெரு, தங்கச்சிமடம் இராமநாதபுரம். 4) ச. கதேஷ் 5/3296 வலசை தெரு, தங்கச்சிமடம் இராமநாதபுரம். 5) வே. முனிஸ்வரன் 5/42 தந்தகம், பாம்பன் இராமநாதபுரம்.
திருப்புல்லாணி மேற்கு ஒன்றியம்
அமைப்பாளர் - சி. பூமி 2/77 லாந்தை, புத்தேந்தல் அஞ்சல் இராமநாதபுரம்.
துணை அமைப்பாளர்கள் - 1) ரா. சண்முகசாமி வைக்கமல்லல், மல்லல் அஞ்சல் இராமநாதபுரம். 2) தி. கிருஷ்ணமூர்த்தி அச்சங் குடி, கருங்குளம் அஞ்சல் இராமநாதபுரம். 3) வே. முத்தமாரன் லாந்தை, புத்தேந்தல் அஞ்சல், இராமநாதபுரம். 4) கா. கருப்பசாமி ஆலங்குளம், ஏ. யு. மங்கை அஞ்சல் இராமநாதபுரம். 5) கு. சுகன் முருகநாதன் பாதவர்தெரு, ஏ. யு. மங்கை அஞ்சல் இராமநாதபுரம்.
திருப்புல்லாணி கிழக்கு ஒன்றியம்
அமைப்பாளர் - ந. புமிநாதன் 1/67, பஞ்சந்தாங்கி, திருப்புல்லாணி இராமநாதபுரம்.
துணை அமைப்பாளர்கள் - 1) செ. சுடுமலை 3/150, வீரன் வலசை, குதக்கோட்டை, இராமநாதபுரம். 2) மு. கோவிந்தன் 3/115, வீரன் வலசை, குதக்கோட்டை இராமநாதபுரம். 3) ப. வனவிஜயன் 142, வள்ளிமாடன்வலசை, குதக் கோட்டை, இராமநாதபுரம். 4) மா. தங்கவேல் 2/122, செய்யாதெரு, திருப்புல்லாணி இராமநாதபுரம். 5) மு. ராஜேஸ்வரி 3/80, நரிப்புறம், வண்ணாங்குண்டு திருப்புல்லாணி இராமநாதபுரம்.
இராமநாதபுரம் வடக்கு ஒன்றியம்
அமைப்பாளர் - கே. மாரி கார்த்தங் தொருவளூர் அஞ்சல், இராமநாதபுரம்.
துணை அமைப்பாளர்கள் - 1) பொ. காமராஜ் வண்ணியங், சித்தார் அஞ்சல் இராமநாதபுரம். 2) சி. சண்முகசுந்தரம் நிம்மாப்பட்டி, மாதவனூர் அஞ்சல் இராமநாதபுரம். 3) செ. ஜேம பால் தி.குடியிருப்பு, சம்பை அஞ்சல் இராமநாதபுரம். 4) மு. மங்களேஸ்வரன் புத்தேந்தல் தெரு, அச்சுந்தன்வயல் இராமநாதபு ரம். 5) ஓ. சிவாஜி ஆனைச்சிக்குடி, கொத்தியார் கோட்டை அஞ்சல் இராமநாதபுரம்.
இராமநாதபுரம் தெற்கு ஒன்றியம்
அமைப்பாளர் - கே. கண்ணன் 7/727 மேற்கு தெரு பசும்பொன் குடி, தொருவளூர் இராமநாதபுரம்.
துணை அமைப்பாளர்கள் - 1) இ. முனியான் 37/பி சமத்துவ புரம், சக்கரக்கோட்டை, இராமநாதபுரம். 2) எஸ். மாரிமுத்து 7/229 ஏ.வி.ஆர் நகர், சூரங்கோட்டை இராமநாதபுரம். 3) மு. ராமமூணிஸ்வரன் 4/14, நாகேந்தல், பெருங்குளம் - 623513 இராம நாதபுரம். 4) எம். முனியசாமி 2/39 மாந்தோப்புதெரு, காவனூர் அஞ் சல் இராமநாதபுரம். 5) எஸ். சசின் டெண்டுல்கர் 4-144 நாட்டு தெரு, புல்லங்குடி, இராமநாதபுரம்.
ஆர். எஸ். மங்கலம் தெற்கு ஒன்றியம்
அமைப்பாளர் - சி. மாரிமுத்தன் கள்ளிக்குடி, கொட்டகுடி அஞ் சல், ஆர். எஸ். மங்கலம் தாலுக்கா, இராமநாதபுரம்.
துணை அமைப்பாளர்கள் - 1) இரா. கோட்டைமுத்து பாரதூர், ஆய்ங்குடி அஞ்சல், ஆர். எஸ். மங்கலம் தாலுக்கா, இராமநாதபு ரம். 2) எஸ். செல்வராசு அண்ணாமலை நகர், ஆவரேந்தல் அஞ்சல், ஆர். எஸ். மங்கலம் தாலுக்கா, இராமநாதபுரம். 3) ஆ. காளீஸ்வரன் மேட்டுச்சோமநேந்தல், கோவிலேறும், ஆர். எஸ். மங் கலம் தாலுக்கா, இராமநாதபுரம். 4) ச. கண்ணன் வடக்குகோன் கொட்டக்குடி, ஆர். எஸ். மங்கலம் தாலுக்கா, இராமநாதபுரம். 5) ஏ. தீருமாரன் கன்னார்தரவை, ஆர். எஸ். மங்கலம் தாலுக்கா, இராமநாதபுரம்.
ஆர். எஸ். மங்கலம் வடக்கு ஒன்றியம்
அமைப்பாளர் - க. பசுபதி பசும்பொன்குடி, கொட்டகுடி அஞ்சல்
தொடர்ச்சி 14ஆம் பக்கம்
